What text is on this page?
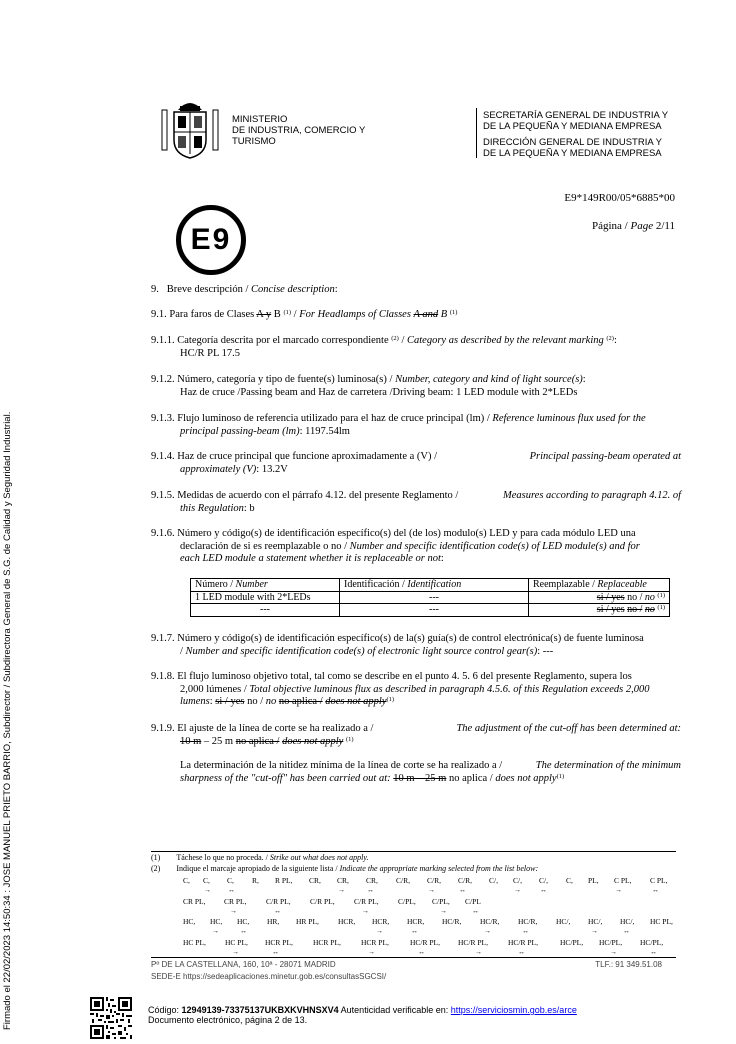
Firmado el 22/02/2023 14:50:34 : JOSE MANUEL PRIETO BARRIO, Subdirector / Subdirectora General de S.G. de Calidad y Seguridad Industrial.
MINISTERIO
DE INDUSTRIA, COMERCIO Y
TURISMO
SECRETARÍA GENERAL DE INDUSTRIA Y
DE LA PEQUEÑA Y MEDIANA EMPRESA
DIRECCIÓN GENERAL DE INDUSTRIA Y
DE LA PEQUEÑA Y MEDIANA EMPRESA
E9
E9*149R00/05*6885*00
Página / Page 2/11
9. Breve descripción / Concise description:
9.1. Para faros de Clases A y B $^{(1)}$ / For Headlamps of Classes A and B $^{(1)}$
9.1.1. Categoría descrita por el marcado correspondiente $^{(2)}$ / Category as described by the relevant marking $^{(2)}$:
HC/R PL 17.5
9.1.2. Número, categoría y tipo de fuente(s) luminosa(s) / Number, category and kind of light source(s):
Haz de cruce /Passing beam and Haz de carretera /Driving beam: 1 LED module with 2*LEDs
9.1.3. Flujo luminoso de referencia utilizado para el haz de cruce principal (lm) / Reference luminous flux used for the
principal passing-beam (lm): 1197.54lm
9.1.4. Haz de cruce principal que funcione aproximadamente a (V) /	Principal passing-beam operated at
approximately (V): 13.2V
9.1.5. Medidas de acuerdo con el párrafo 4.12. del presente Reglamento /	Measures according to paragraph 4.12. of
this Regulation: b
9.1.6. Número y código(s) de identificación específico(s) del (de los) modulo(s) LED y para cada módulo LED una
declaración de si es reemplazable o no / Number and specific identification code(s) of LED module(s) and for
each LED module a statement whether it is replaceable or not:
Número / Number	Identificación / Identification	Reemplazable / Replaceable
1 LED module with 2*LEDs	---	si / yes no / no $^{(1)}$
---	---	si / yes no / no $^{(1)}$
9.1.7. Número y código(s) de identificación específico(s) de la(s) guía(s) de control electrónica(s) de fuente luminosa
/ Number and specific identification code(s) of electronic light source control gear(s): ---
9.1.8. El flujo luminoso objetivo total, tal como se describe en el punto 4. 5. 6 del presente Reglamento, supera los
2,000 lúmenes / Total objective luminous flux as described in paragraph 4.5.6. of this Regulation exceeds 2,000
lumens: si / yes no / no no aplica / does not apply$^{(1)}$
9.1.9. El ajuste de la línea de corte se ha realizado a /	The adjustment of the cut-off has been determined at:
10 m – 25 m no aplica / does not apply $^{(1)}$
La determinación de la nitidez mínima de la línea de corte se ha realizado a /	The determination of the minimum
sharpness of the "cut-off" has been carried out at: 10 m – 25 m no aplica / does not apply$^{(1)}$
(1) Táchese lo que no proceda. / Strike out what does not apply.
(2) Indique el marcaje apropiado de la siguiente lista / Indicate the appropriate marking selected from the list below:
C, C, C, R, R PL, CR, CR, CR, C/R, C/R, C/R, C/, C/, C/, C, PL, C PL, C PL,
→ ↔	→	↔	→	↔	→	↔	→	↔
CR PL, CR PL,	C/R PL,	C/R PL,	C/R PL,	C/PL, C/PL, C/PL
→	↔	→	→	↔
HC, HC, HC, HR, HR PL,	HCR, HCR, HCR, HC/R, HC/R, HC/R, HC/, HC/, HC/, HC PL,
→	↔	→	↔	→	↔	→	↔
HC PL,	HC PL, HCR PL,	HCR PL,	HCR PL,	HC/R PL, HC/R PL,	HC/R PL,	HC/PL, HC/PL, HC/PL,
→	↔	→	↔	→	↔	→	↔
Pº DE LA CASTELLANA, 160, 10ª - 28071 MADRID	TLF.: 91 349.51.08
SEDE-E https://sedeaplicaciones.minetur.gob.es/consultasSGCSI/
Código: 12949139-73375137UKBXKVHNSXV4 Autenticidad verificable en: https://serviciosmin.gob.es/arce
Documento electrónico, página 2 de 13.
